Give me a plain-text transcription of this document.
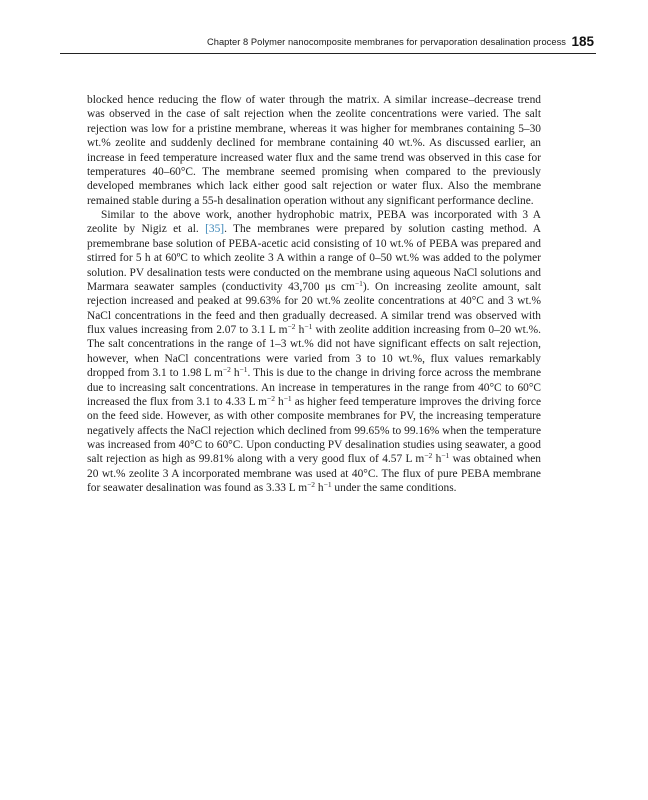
Chapter 8 Polymer nanocomposite membranes for pervaporation desalination process 185

blocked hence reducing the flow of water through the matrix. A similar increase–decrease trend was observed in the case of salt rejection when the zeolite concentrations were varied. The salt rejection was low for a pristine membrane, whereas it was higher for membranes containing 5–30 wt.% zeolite and suddenly declined for membrane containing 40 wt.%. As discussed earlier, an increase in feed temperature increased water flux and the same trend was observed in this case for temperatures 40–60°C. The membrane seemed promising when compared to the previously developed membranes which lack either good salt rejection or water flux. Also the membrane remained stable during a 55-h desalination operation without any significant performance decline.

Similar to the above work, another hydrophobic matrix, PEBA was incorporated with 3 A zeolite by Nigiz et al. [35]. The membranes were prepared by solution casting method. A premembrane base solution of PEBA-acetic acid consisting of 10 wt.% of PEBA was prepared and stirred for 5 h at 60ºC to which zeolite 3 A within a range of 0–50 wt.% was added to the polymer solution. PV desalination tests were conducted on the membrane using aqueous NaCl solutions and Marmara seawater samples (conductivity 43,700 μs $cm^{-1}$). On increasing zeolite amount, salt rejection increased and peaked at 99.63% for 20 wt.% zeolite concentrations at 40°C and 3 wt.% NaCl concentrations in the feed and then gradually decreased. A similar trend was observed with flux values increasing from 2.07 to 3.1 L $m^{-2}$ $h^{-1}$ with zeolite addition increasing from 0–20 wt.%. The salt concentrations in the range of 1–3 wt.% did not have significant effects on salt rejection, however, when NaCl concentrations were varied from 3 to 10 wt.%, flux values remarkably dropped from 3.1 to 1.98 L $m^{-2}$ $h^{-1}$. This is due to the change in driving force across the membrane due to increasing salt concentrations. An increase in temperatures in the range from 40°C to 60°C increased the flux from 3.1 to 4.33 L $m^{-2}$ $h^{-1}$ as higher feed temperature improves the driving force on the feed side. However, as with other composite membranes for PV, the increasing temperature negatively affects the NaCl rejection which declined from 99.65% to 99.16% when the temperature was increased from 40°C to 60°C. Upon conducting PV desalination studies using seawater, a good salt rejection as high as 99.81% along with a very good flux of 4.57 L $m^{-2}$ $h^{-1}$ was obtained when 20 wt.% zeolite 3 A incorporated membrane was used at 40°C. The flux of pure PEBA membrane for seawater desalination was found as 3.33 L $m^{-2}$ $h^{-1}$ under the same conditions.
